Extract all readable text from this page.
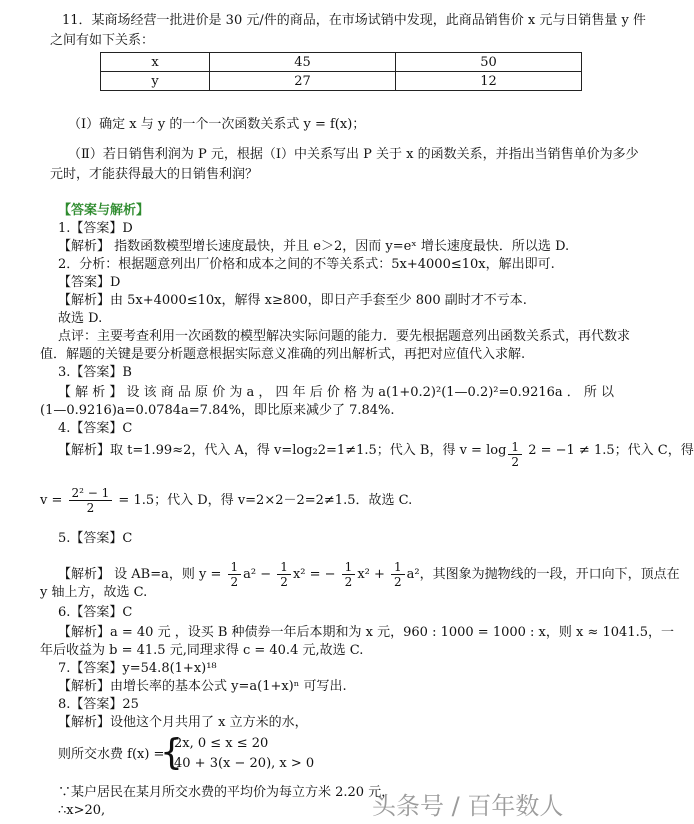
11．某商场经营一批进价是 30 元/件的商品，在市场试销中发现，此商品销售价 x 元与日销售量 y 件
之间有如下关系：
x	45	50
y	27	12
（Ⅰ）确定 x 与 y 的一个一次函数关系式 y = f(x)；
（Ⅱ）若日销售利润为 P 元，根据（Ⅰ）中关系写出 P 关于 x 的函数关系，并指出当销售单价为多少
元时，才能获得最大的日销售利润？
【答案与解析】
1.【答案】D
【解析】 指数函数模型增长速度最快，并且 e＞2，因而 y=eˣ 增长速度最快．所以选 D.
2．分析：根据题意列出厂价格和成本之间的不等关系式：5x+4000≤10x，解出即可.
【答案】D
【解析】由 5x+4000≤10x，解得 x≥800，即日产手套至少 800 副时才不亏本.
故选 D.
点评：主要考查利用一次函数的模型解决实际问题的能力．要先根据题意列出函数关系式，再代数求
值．解题的关键是要分析题意根据实际意义准确的列出解析式，再把对应值代入求解.
3.【答案】B
【 解 析 】 设 该 商 品 原 价 为 a ， 四 年 后 价 格 为 a(1+0.2)²(1—0.2)²=0.9216a ． 所 以
(1—0.9216)a=0.0784a=7.84%，即比原来减少了 7.84%.
4.【答案】C
【解析】取 t=1.99≈2，代入 A，得 v=log₂2=1≠1.5；代入 B，得 $v = \log \frac{1}{2} 2 = -1 \ne 1.5$；代入 C，得
$v = \frac{\text{2² − 1}}{2} = 1.5$；代入 D，得 v=2×2－2=2≠1.5．故选 C.
5.【答案】C
【解析】 设 AB=a，则 $y = \frac{1}{2} a^2 - \frac{1}{2} x^2$ = − $\frac{1}{2} x^2 + \frac{1}{2} a^2$，其图象为抛物线的一段，开口向下，顶点在
y 轴上方，故选 C.
6.【答案】C
【解析】a = 40 元 ，设买 B 种债券一年后本期和为 x 元，960 : 1000 = 1000 : x，则 x ≈ 1041.5，一
年后收益为 b = 41.5 元,同理求得 c = 40.4 元,故选 C.
7.【答案】y=54.8(1+x)¹⁸
【解析】由增长率的基本公式 y=a(1+x)ⁿ 可写出.
8.【答案】25
【解析】设他这个月共用了 x 立方米的水，
则所交水费 f(x) =
{
2x, 0 ≤ x ≤ 20
40 + 3(x − 20), x > 0
∵某户居民在某月所交水费的平均价为每立方米 2.20 元，
∴x>20,	头条号 / 百年数人
